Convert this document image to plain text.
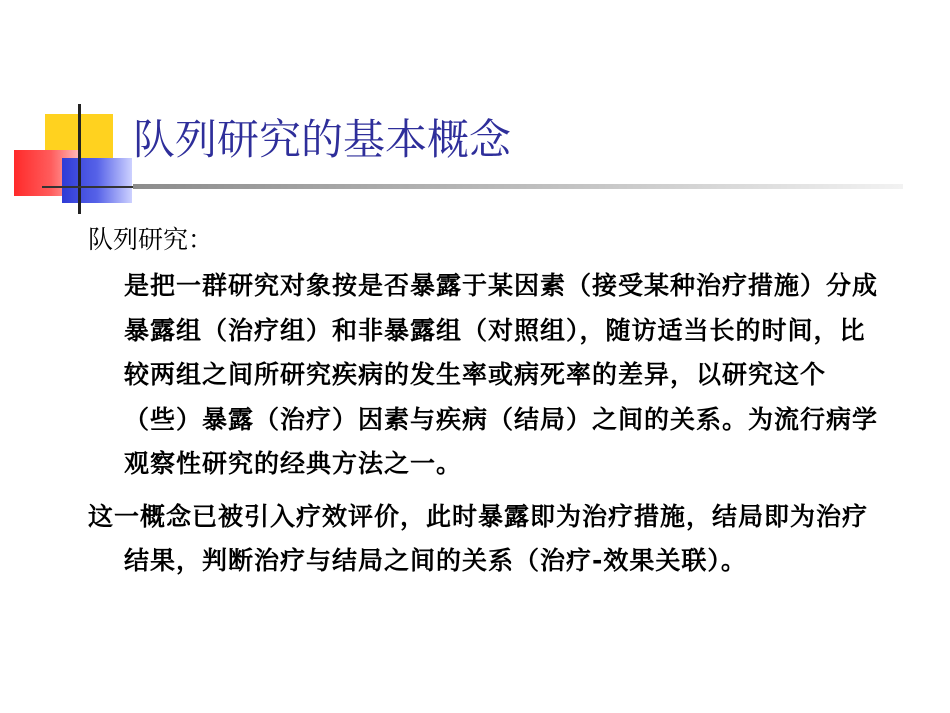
队列研究的基本概念
队列研究：
是把一群研究对象按是否暴露于某因素（接受某种治疗措施）分成暴露组（治疗组）和非暴露组（对照组），随访适当长的时间，比较两组之间所研究疾病的发生率或病死率的差异，以研究这个（些）暴露（治疗）因素与疾病（结局）之间的关系。为流行病学观察性研究的经典方法之一。
这一概念已被引入疗效评价，此时暴露即为治疗措施，结局即为治疗结果，判断治疗与结局之间的关系（治疗-效果关联）。
